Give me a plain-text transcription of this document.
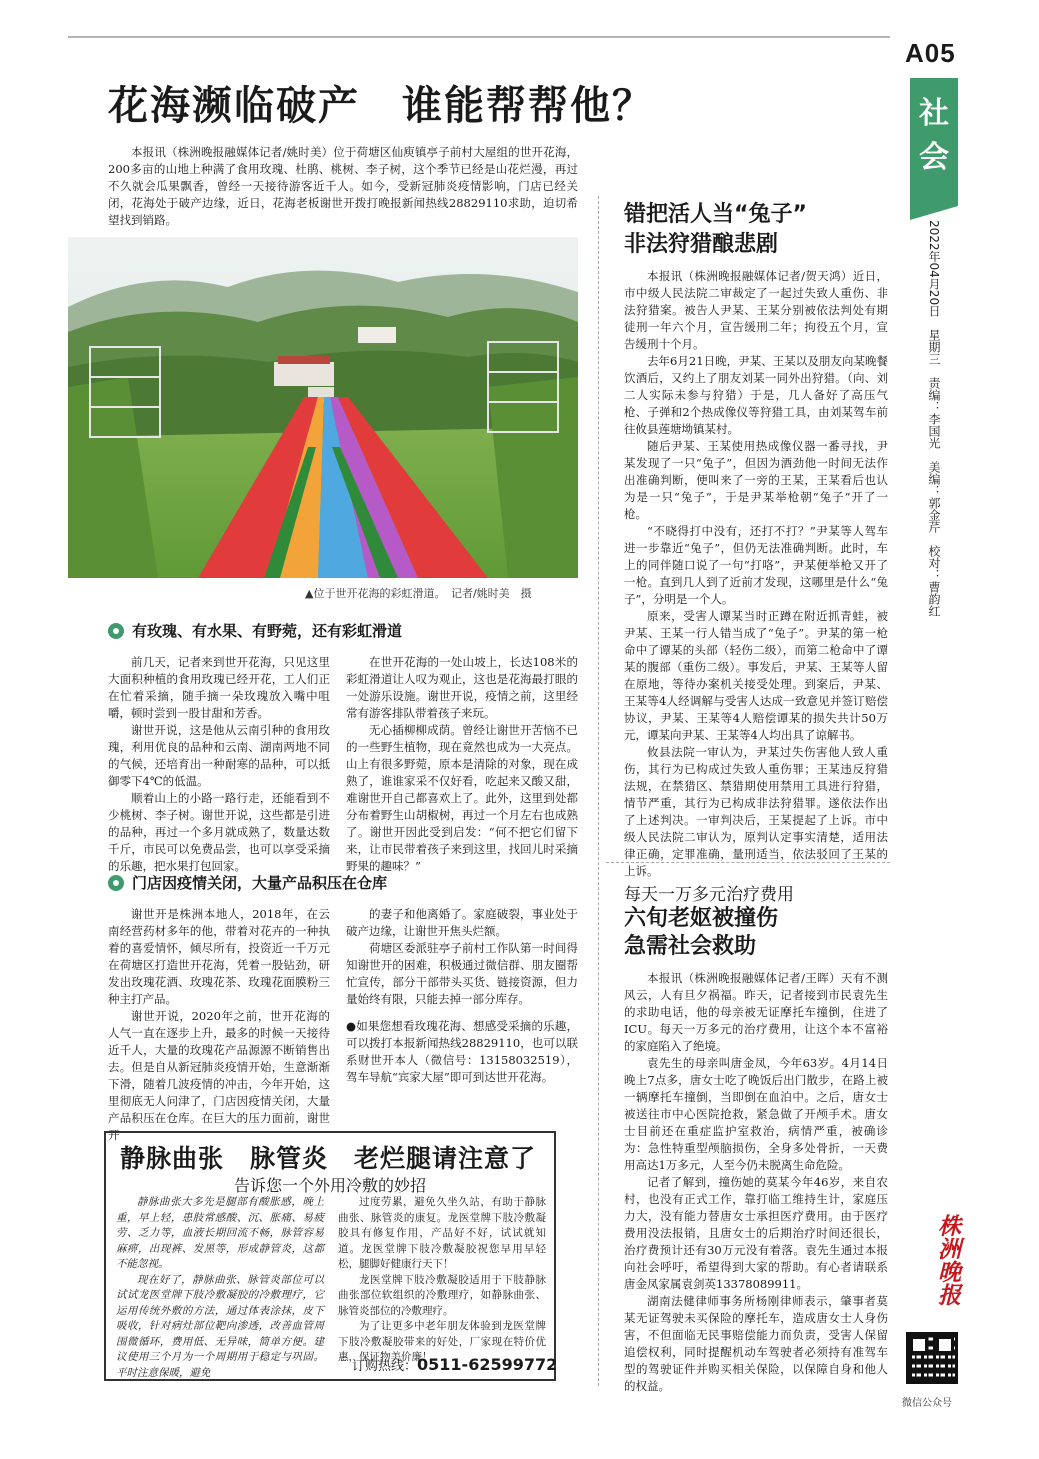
A05
社会
2022年04月20日　星期三　责编：李国光　美编：郭金芹　校对：曹韵红
株洲晚报
微信公众号
花海濒临破产　谁能帮帮他？

本报讯（株洲晚报融媒体记者/姚时美）位于荷塘区仙庾镇亭子前村大屋组的世开花海，200多亩的山地上种满了食用玫瑰、杜鹃、桃树、李子树，这个季节已经是山花烂漫，再过不久就会瓜果飘香，曾经一天接待游客近千人。如今，受新冠肺炎疫情影响，门店已经关闭，花海处于破产边缘，近日，花海老板谢世开拨打晚报新闻热线28829110求助，迫切希望找到销路。

▲位于世开花海的彩虹滑道。　记者/姚时美　摄
有玫瑰、有水果、有野菀，还有彩虹滑道

前几天，记者来到世开花海，只见这里大面积种植的食用玫瑰已经开花，工人们正在忙着采摘，随手摘一朵玫瑰放入嘴中咀嚼，顿时尝到一股甘甜和芳香。

谢世开说，这是他从云南引种的食用玫瑰，利用优良的品种和云南、湖南两地不同的气候，还培育出一种耐寒的品种，可以抵御零下4℃的低温。

顺着山上的小路一路行走，还能看到不少桃树、李子树。谢世开说，这些都是引进的品种，再过一个多月就成熟了，数量达数千斤，市民可以免费品尝，也可以享受采摘的乐趣，把水果打包回家。

在世开花海的一处山坡上，长达108米的彩虹滑道让人叹为观止，这也是花海最打眼的一处游乐设施。谢世开说，疫情之前，这里经常有游客排队带着孩子来玩。

无心插柳柳成荫。曾经让谢世开苦恼不已的一些野生植物，现在竟然也成为一大亮点。山上有很多野菀，原本是清除的对象，现在成熟了，谁谁家采不仅好看，吃起来又酸又甜，难谢世开自己都喜欢上了。此外，这里到处都分布着野生山胡椒树，再过一个月左右也成熟了。谢世开因此受到启发：“何不把它们留下来，让市民带着孩子来到这里，找回儿时采摘野果的趣味？”

门店因疫情关闭，大量产品积压在仓库

谢世开是株洲本地人，2018年，在云南经营药材多年的他，带着对花卉的一种执着的喜爱情怀，倾尽所有，投资近一千万元在荷塘区打造世开花海，凭着一股钻劲，研发出玫瑰花酒、玫瑰花茶、玫瑰花面膜粉三种主打产品。

谢世开说，2020年之前，世开花海的人气一直在逐步上升，最多的时候一天接待近千人，大量的玫瑰花产品源源不断销售出去。但是自从新冠肺炎疫情开始，生意渐渐下滑，随着几波疫情的冲击，今年开始，这里彻底无人问津了，门店因疫情关闭，大量产品积压在仓库。在巨大的压力面前，谢世开

的妻子和他离婚了。家庭破裂，事业处于破产边缘，让谢世开焦头烂额。

荷塘区委派驻亭子前村工作队第一时间得知谢世开的困难，积极通过微信群、朋友圈帮忙宣传，部分干部带头买货、链接资源，但力量始终有限，只能去掉一部分库存。

●如果您想看玫瑰花海、想感受采摘的乐趣，可以拨打本报新闻热线28829110，也可以联系财世开本人（微信号：13158032519），驾车导航“宾家大屋”即可到达世开花海。

静脉曲张　脉管炎　老烂腿请注意了
告诉您一个外用冷敷的妙招

静脉曲张大多先是腿部有酸胀感，晚上重，早上轻，患肢常感酸、沉、胀痛、易疲劳、乏力等，血液长期回流不畅，脉管容易麻痹，出现裤、发黑等，形成静管炎，这都不能忽视。

现在好了，静脉曲张、脉管炎部位可以试试龙医堂牌下肢冷敷凝胶的冷敷理疗，它运用传统外敷的方法，通过体表涂抹，皮下吸收，针对病灶部位靶向渗透，改善血管周围微循环，费用低、无异味，简单方便。建议使用三个月为一个周期用于稳定与巩固。平时注意保暖，避免

过度劳累，避免久坐久站，有助于静脉曲张、脉管炎的康复。龙医堂牌下肢冷敷凝胶具有修复作用，产品好不好，试试就知道。龙医堂牌下肢冷敷凝胶祝您早用早轻松，腿脚好健康行天下！

龙医堂牌下肢冷敷凝胶适用于下肢静脉曲张部位软组织的冷敷理疗，如静脉曲张、脉管炎部位的冷敷理疗。

为了让更多中老年朋友体验到龙医堂牌下肢冷敷凝胶带来的好处，厂家现在特价优惠，保证物美价廉！

订购热线：0511-62599772
错把活人当“兔子”
非法狩猎酿悲剧

本报讯（株洲晚报融媒体记者/贺天鸿）近日，市中级人民法院二审裁定了一起过失致人重伤、非法狩猎案。被告人尹某、王某分别被依法判处有期徒刑一年六个月，宣告缓刑二年；拘役五个月，宣告缓刑十个月。

去年6月21日晚，尹某、王某以及朋友向某晚餐饮酒后，又约上了朋友刘某一同外出狩猎。（向、刘二人实际未参与狩猎）于是，几人备好了高压气枪、子弹和2个热成像仪等狩猎工具，由刘某驾车前往攸县莲塘坳镇某村。

随后尹某、王某使用热成像仪器一番寻找，尹某发现了一只“兔子”，但因为酒劲他一时间无法作出准确判断，便叫来了一旁的王某，王某看后也认为是一只“兔子”，于是尹某举枪朝“兔子”开了一枪。

“不晓得打中没有，还打不打？”尹某等人驾车进一步靠近“兔子”，但仍无法准确判断。此时，车上的同伴随口说了一句“打咯”，尹某便举枪又开了一枪。直到几人到了近前才发现，这哪里是什么“兔子”，分明是一个人。

原来，受害人谭某当时正蹲在附近抓青蛙，被尹某、王某一行人错当成了“兔子”。尹某的第一枪命中了谭某的头部（轻伤二级），而第二枪命中了谭某的腹部（重伤二级）。事发后，尹某、王某等人留在原地，等待办案机关接受处理。到案后，尹某、王某等4人经调解与受害人达成一致意见并签订赔偿协议，尹某、王某等4人赔偿谭某的损失共计50万元，谭某向尹某、王某等4人均出具了谅解书。

攸县法院一审认为，尹某过失伤害他人致人重伤，其行为已构成过失致人重伤罪；王某违反狩猎法规，在禁猎区、禁猎期使用禁用工具进行狩猎，情节严重，其行为已构成非法狩猎罪。遂依法作出了上述判决。一审判决后，王某提起了上诉。市中级人民法院二审认为，原判认定事实清楚，适用法律正确，定罪准确，量刑适当，依法驳回了王某的上诉。

每天一万多元治疗费用
六旬老妪被撞伤
急需社会救助

本报讯（株洲晚报融媒体记者/王晖）天有不测风云，人有旦夕祸福。昨天，记者接到市民袁先生的求助电话，他的母亲被无证摩托车撞倒，住进了ICU。每天一万多元的治疗费用，让这个本不富裕的家庭陷入了绝境。

袁先生的母亲叫唐金凤，今年63岁。4月14日晚上7点多，唐女士吃了晚饭后出门散步，在路上被一辆摩托车撞倒，当即倒在血泊中。之后，唐女士被送往市中心医院抢救，紧急做了开颅手术。唐女士目前还在重症监护室救治，病情严重，被确诊为：急性特重型颅脑损伤，全身多处骨折，一天费用高达1万多元，人至今仍未脱离生命危险。

记者了解到，撞伤她的莫某今年46岁，来自农村，也没有正式工作，靠打临工维持生计，家庭压力大，没有能力替唐女士承担医疗费用。由于医疗费用没法报销，且唐女士的后期治疗时间还很长，治疗费预计还有30万元没有着落。袁先生通过本报向社会呼吁，希望得到大家的帮助。有心者请联系唐金凤家属袁剑英13378089911。

湖南法健律师事务所杨刚律师表示，肇事者莫某无证驾驶未买保险的摩托车，造成唐女士人身伤害，不但面临无民事赔偿能力而负责，受害人保留追偿权利，同时提醒机动车驾驶者必须持有准驾车型的驾驶证件并购买相关保险，以保障自身和他人的权益。
